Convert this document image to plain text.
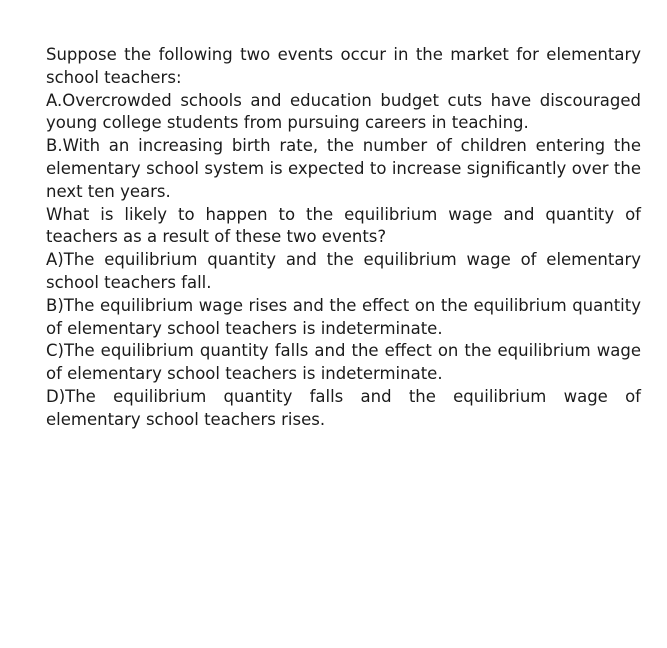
Suppose the following two events occur in the market for elementary school teachers:

A.Overcrowded schools and education budget cuts have discouraged young college students from pursuing careers in teaching.

B.With an increasing birth rate, the number of children entering the elementary school system is expected to increase significantly over the next ten years.

What is likely to happen to the equilibrium wage and quantity of teachers as a result of these two events?

A)The equilibrium quantity and the equilibrium wage of elementary school teachers fall.

B)The equilibrium wage rises and the effect on the equilibrium quantity of elementary school teachers is indeterminate.

C)The equilibrium quantity falls and the effect on the equilibrium wage of elementary school teachers is indeterminate.

D)The equilibrium quantity falls and the equilibrium wage of elementary school teachers rises.
